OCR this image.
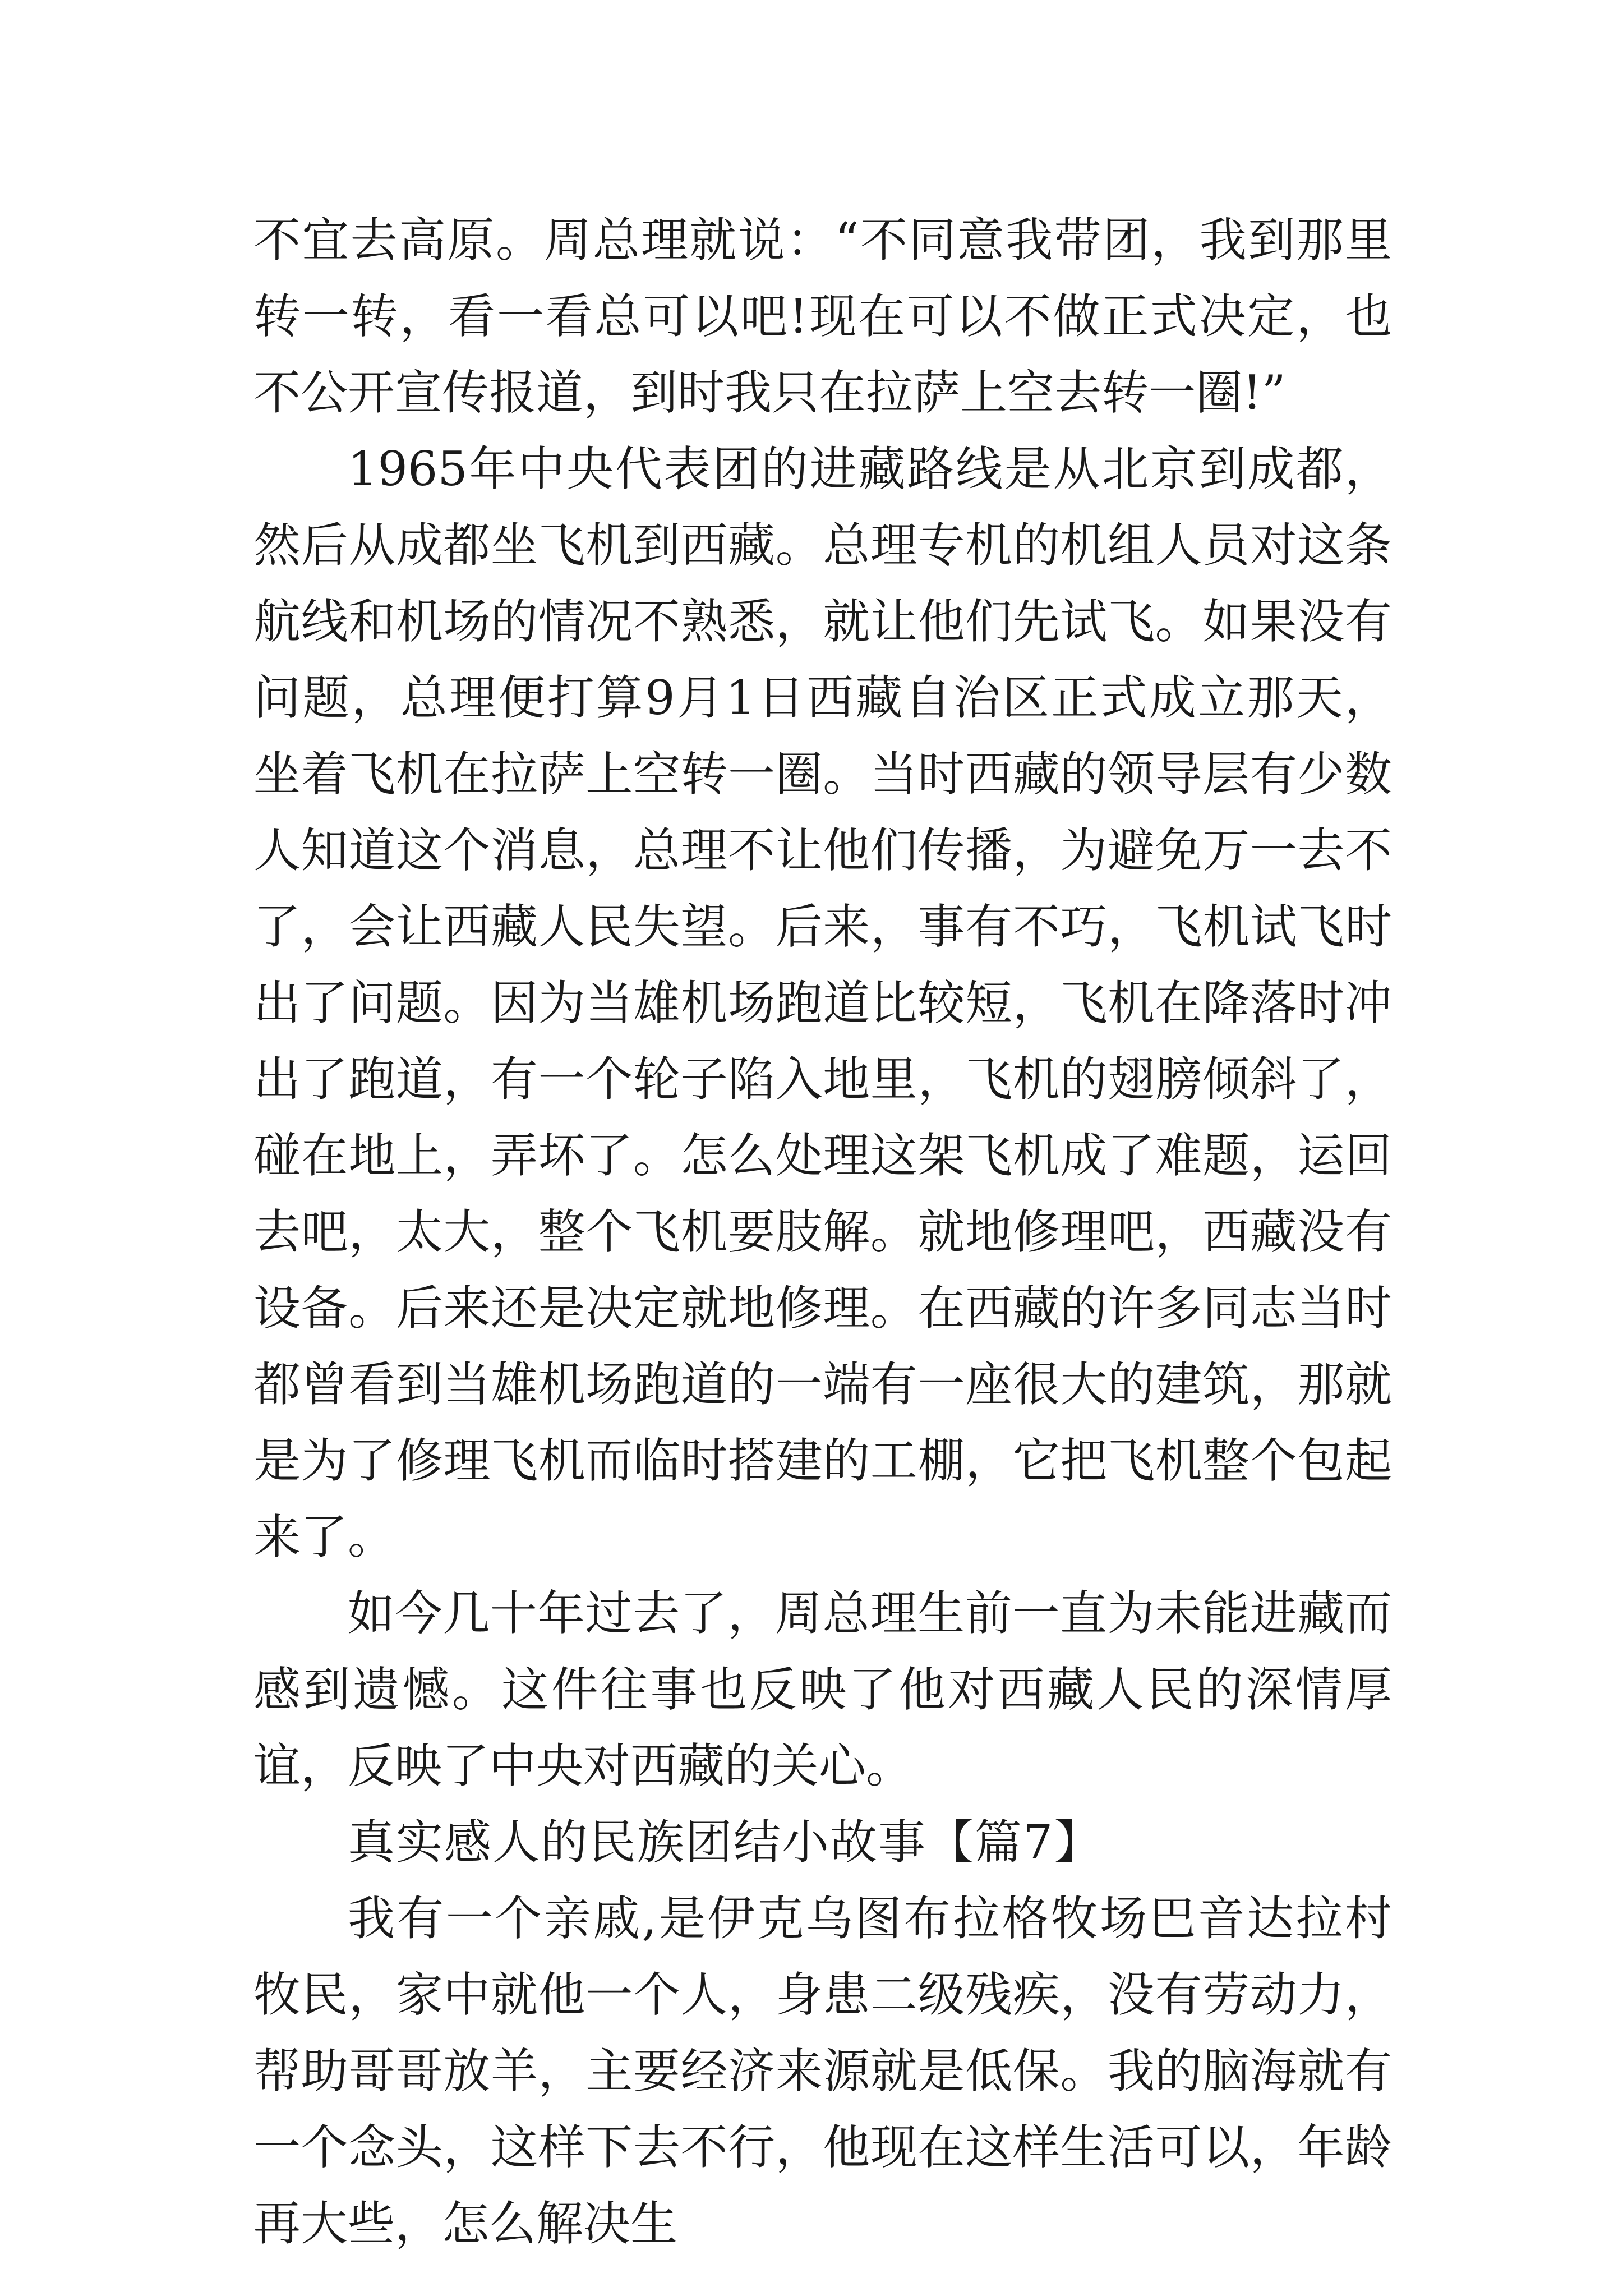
不宜去高原。周总理就说：“不同意我带团，我到那里转一转，看一看总可以吧!现在可以不做正式决定，也不公开宣传报道，到时我只在拉萨上空去转一圈!”

1965年中央代表团的进藏路线是从北京到成都，然后从成都坐飞机到西藏。总理专机的机组人员对这条航线和机场的情况不熟悉，就让他们先试飞。如果没有问题，总理便打算9月1日西藏自治区正式成立那天，坐着飞机在拉萨上空转一圈。当时西藏的领导层有少数人知道这个消息，总理不让他们传播，为避免万一去不了，会让西藏人民失望。后来，事有不巧，飞机试飞时出了问题。因为当雄机场跑道比较短，飞机在降落时冲出了跑道，有一个轮子陷入地里，飞机的翅膀倾斜了，碰在地上，弄坏了。怎么处理这架飞机成了难题，运回去吧，太大，整个飞机要肢解。就地修理吧，西藏没有设备。后来还是决定就地修理。在西藏的许多同志当时都曾看到当雄机场跑道的一端有一座很大的建筑，那就是为了修理飞机而临时搭建的工棚，它把飞机整个包起来了。

如今几十年过去了，周总理生前一直为未能进藏而感到遗憾。这件往事也反映了他对西藏人民的深情厚谊，反映了中央对西藏的关心。

真实感人的民族团结小故事【篇7】

我有一个亲戚,是伊克乌图布拉格牧场巴音达拉村牧民，家中就他一个人，身患二级残疾，没有劳动力，帮助哥哥放羊，主要经济来源就是低保。我的脑海就有一个念头，这样下去不行，他现在这样生活可以，年龄再大些，怎么解决生
